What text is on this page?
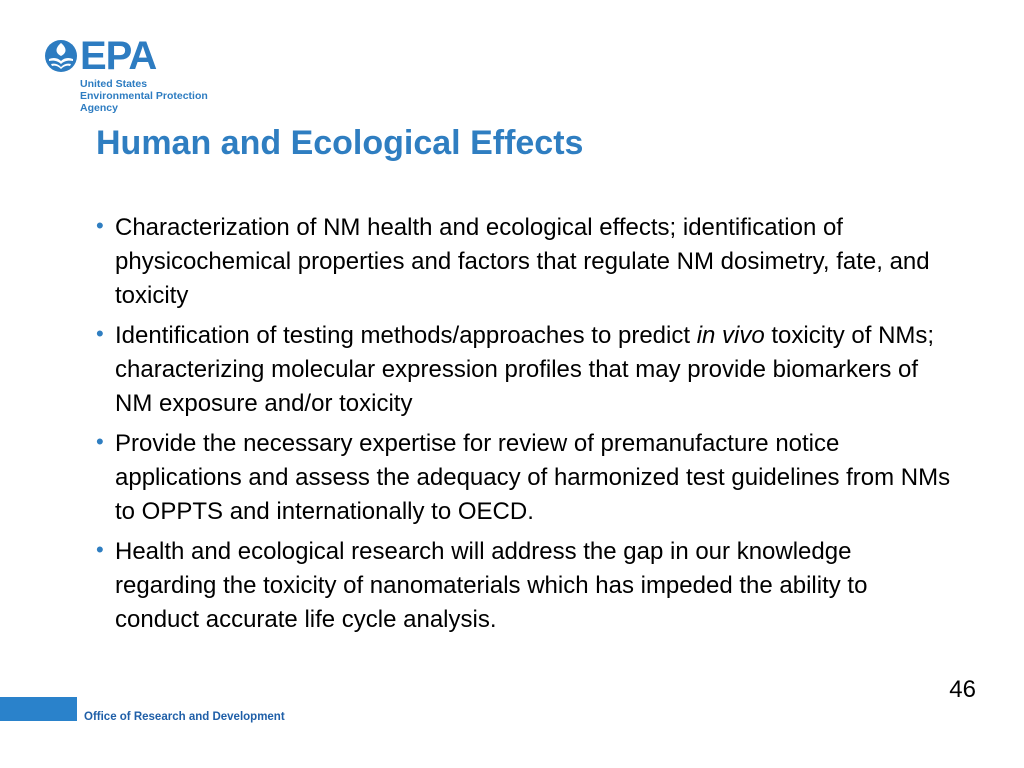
EPA
United States
Environmental Protection
Agency
Human and Ecological Effects
• Characterization of NM health and ecological effects; identification of physicochemical properties and factors that regulate NM dosimetry, fate, and toxicity
• Identification of testing methods/approaches to predict in vivo toxicity of NMs; characterizing molecular expression profiles that may provide biomarkers of NM exposure and/or toxicity
• Provide the necessary expertise for review of premanufacture notice applications and assess the adequacy of harmonized test guidelines from NMs to OPPTS and internationally to OECD.
• Health and ecological research will address the gap in our knowledge regarding the toxicity of nanomaterials which has impeded the ability to conduct accurate life cycle analysis.
46
Office of Research and Development
